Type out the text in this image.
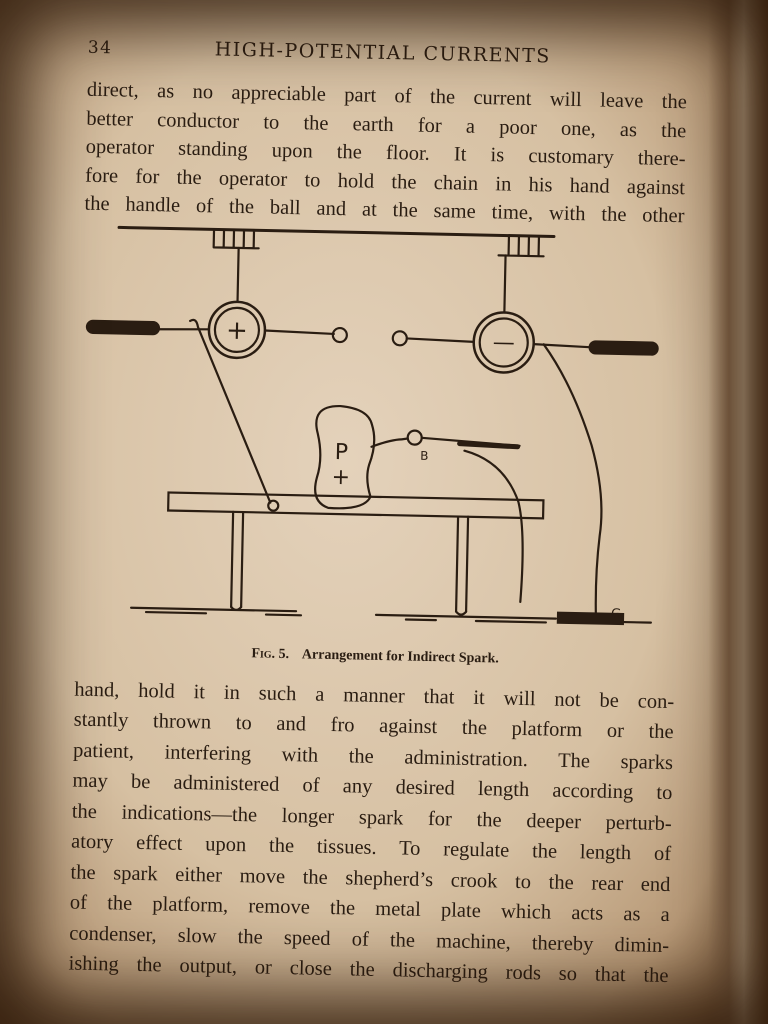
34	HIGH-POTENTIAL CURRENTS

direct, as no appreciable part of the current will leave the
better conductor to the earth for a poor one, as the
operator standing upon the floor. It is customary there-
fore for the operator to hold the chain in his hand against
the handle of the ball and at the same time, with the other

+	—
P
+
B
G
Fig. 5. Arrangement for Indirect Spark.

hand, hold it in such a manner that it will not be con-
stantly thrown to and fro against the platform or the
patient, interfering with the administration. The sparks
may be administered of any desired length according to
the indications—the longer spark for the deeper perturb-
atory effect upon the tissues. To regulate the length of
the spark either move the shepherd’s crook to the rear end
of the platform, remove the metal plate which acts as a
condenser, slow the speed of the machine, thereby dimin-
ishing the output, or close the discharging rods so that the
